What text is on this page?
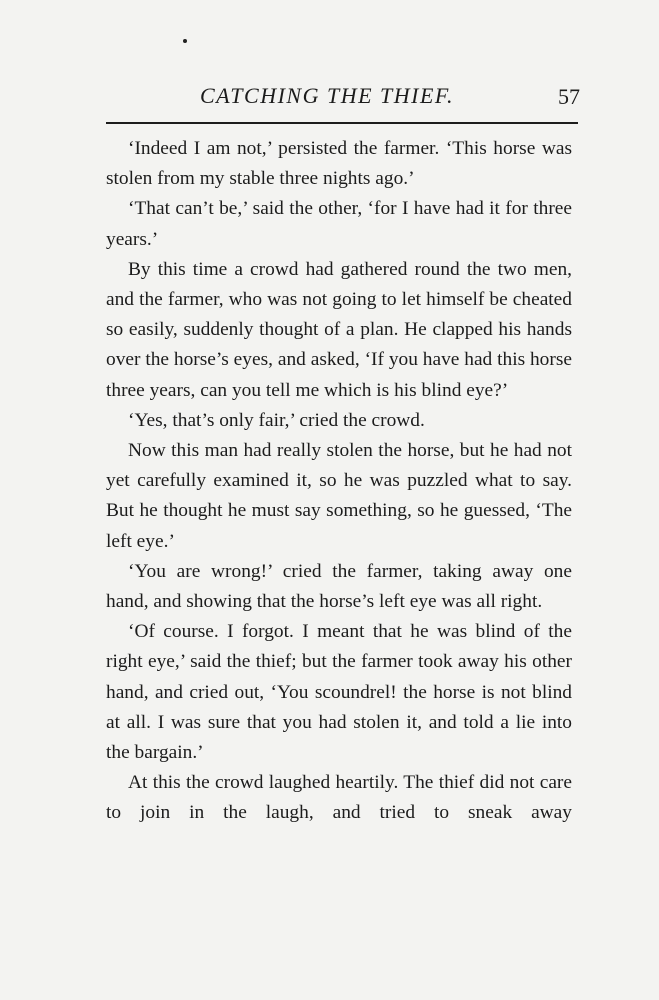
CATCHING THE THIEF.	57

‘Indeed I am not,’ persisted the farmer. ‘This horse was stolen from my stable three nights ago.’

‘That can’t be,’ said the other, ‘for I have had it for three years.’

By this time a crowd had gathered round the two men, and the farmer, who was not going to let himself be cheated so easily, suddenly thought of a plan. He clapped his hands over the horse’s eyes, and asked, ‘If you have had this horse three years, can you tell me which is his blind eye?’

‘Yes, that’s only fair,’ cried the crowd.

Now this man had really stolen the horse, but he had not yet carefully examined it, so he was puzzled what to say. But he thought he must say something, so he guessed, ‘The left eye.’

‘You are wrong!’ cried the farmer, taking away one hand, and showing that the horse’s left eye was all right.

‘Of course. I forgot. I meant that he was blind of the right eye,’ said the thief; but the farmer took away his other hand, and cried out, ‘You scoundrel! the horse is not blind at all. I was sure that you had stolen it, and told a lie into the bargain.’

At this the crowd laughed heartily. The thief did not care to join in the laugh, and tried to sneak away
